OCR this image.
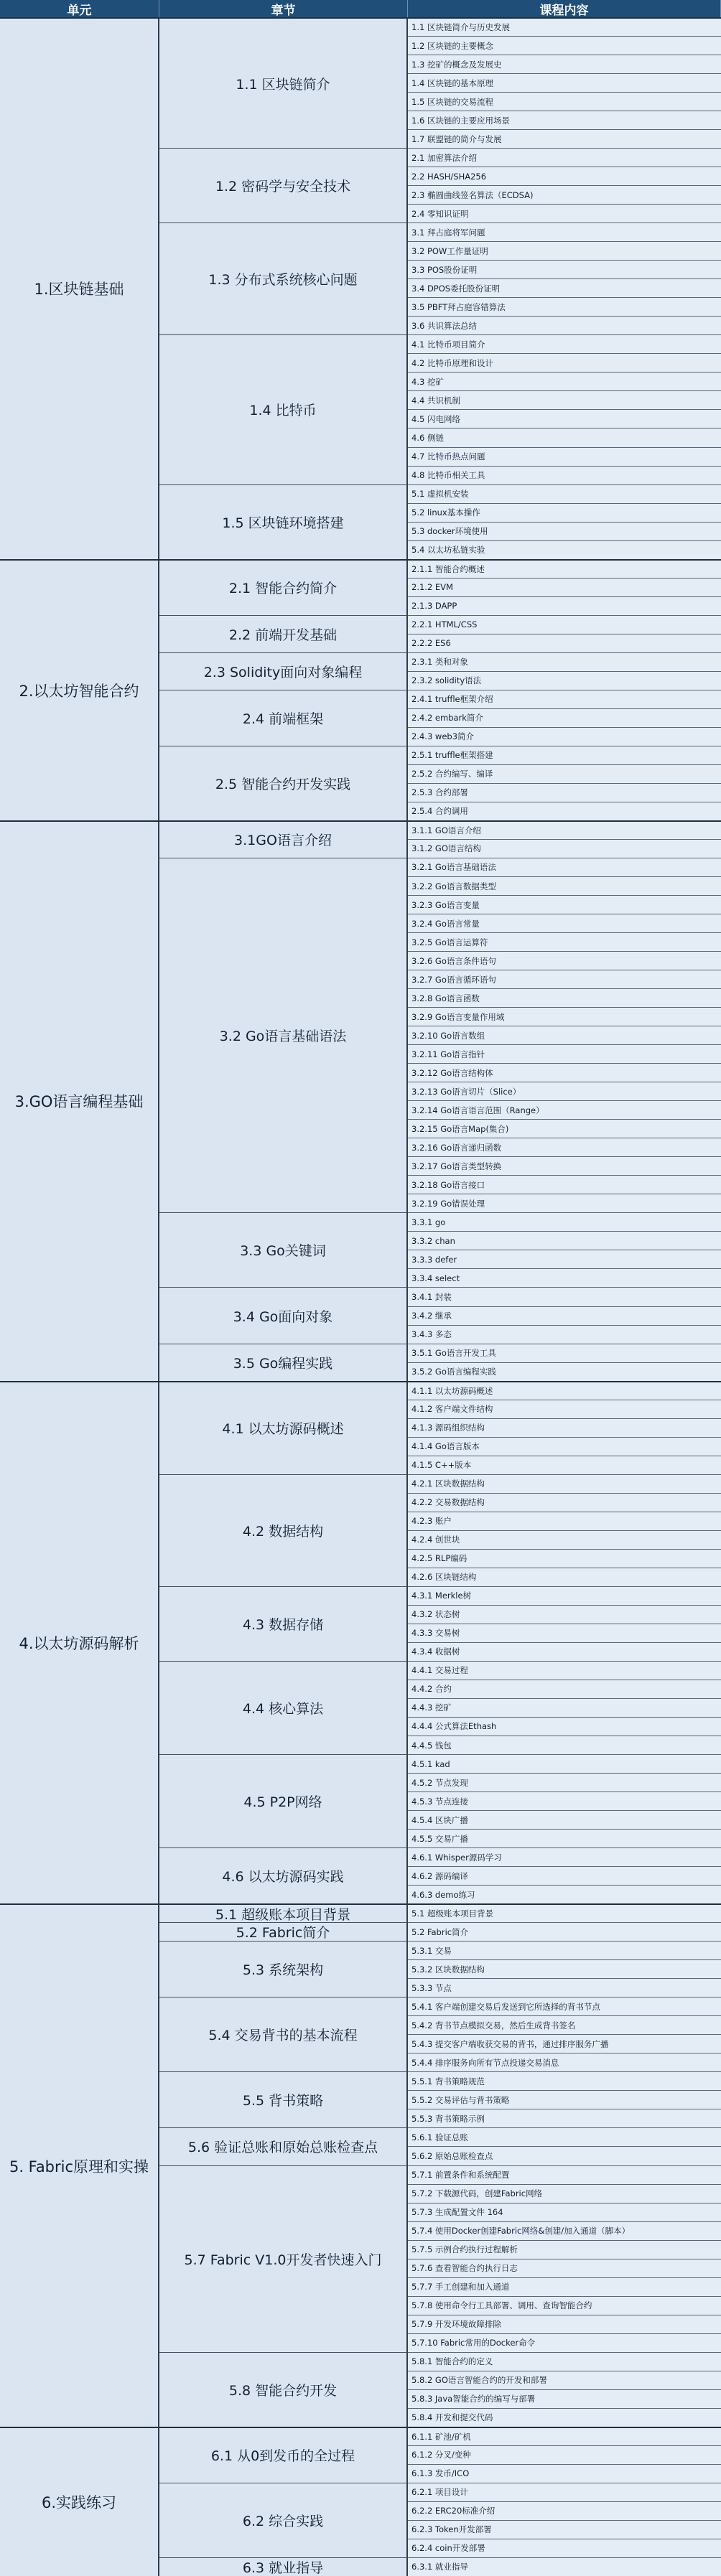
单元	章节	课程内容
1.1 区块链简介与历史发展
1.2 区块链的主要概念
1.3 挖矿的概念及发展史
1.4 区块链的基本原理
1.5 区块链的交易流程
1.6 区块链的主要应用场景
1.7 联盟链的简介与发展
1.1 区块链简介
2.1 加密算法介绍
2.2 HASH/SHA256
2.3 椭圆曲线签名算法（ECDSA)
2.4 零知识证明
1.2 密码学与安全技术
3.1 拜占庭将军问题
3.2 POW工作量证明
3.3 POS股份证明
3.4 DPOS委托股份证明
3.5 PBFT拜占庭容错算法
3.6 共识算法总结
1.3 分布式系统核心问题
4.1 比特币项目简介
4.2 比特币原理和设计
4.3 挖矿
4.4 共识机制
4.5 闪电网络
4.6 侧链
4.7 比特币热点问题
4.8 比特币相关工具
1.4 比特币
5.1 虚拟机安装
5.2 linux基本操作
5.3 docker环境使用
5.4 以太坊私链实验
1.5 区块链环境搭建
1.区块链基础
2.1.1 智能合约概述
2.1.2 EVM
2.1.3 DAPP
2.1 智能合约简介
2.2.1 HTML/CSS
2.2.2 ES6
2.2 前端开发基础
2.3.1 类和对象
2.3.2 solidity语法
2.3 Solidity面向对象编程
2.4.1 truffle框架介绍
2.4.2 embark简介
2.4.3 web3简介
2.4 前端框架
2.5.1 truffle框架搭建
2.5.2 合约编写、编译
2.5.3 合约部署
2.5.4 合约调用
2.5 智能合约开发实践
2.以太坊智能合约
3.1.1 GO语言介绍
3.1.2 GO语言结构
3.1GO语言介绍
3.2.1 Go语言基础语法
3.2.2 Go语言数据类型
3.2.3 Go语言变量
3.2.4 Go语言常量
3.2.5 Go语言运算符
3.2.6 Go语言条件语句
3.2.7 Go语言循环语句
3.2.8 Go语言函数
3.2.9 Go语言变量作用域
3.2.10 Go语言数组
3.2.11 Go语言指针
3.2.12 Go语言结构体
3.2.13 Go语言切片（Slice）
3.2.14 Go语言语言范围（Range）
3.2.15 Go语言Map(集合)
3.2.16 Go语言递归函数
3.2.17 Go语言类型转换
3.2.18 Go语言接口
3.2.19 Go错误处理
3.2 Go语言基础语法
3.3.1 go
3.3.2 chan
3.3.3 defer
3.3.4 select
3.3 Go关键词
3.4.1 封装
3.4.2 继承
3.4.3 多态
3.4 Go面向对象
3.5.1 Go语言开发工具
3.5.2 Go语言编程实践
3.5 Go编程实践
3.GO语言编程基础
4.1.1 以太坊源码概述
4.1.2 客户端文件结构
4.1.3 源码组织结构
4.1.4 Go语言版本
4.1.5 C++版本
4.1 以太坊源码概述
4.2.1 区块数据结构
4.2.2 交易数据结构
4.2.3 账户
4.2.4 创世块
4.2.5 RLP编码
4.2.6 区块链结构
4.2 数据结构
4.3.1 Merkle树
4.3.2 状态树
4.3.3 交易树
4.3.4 收据树
4.3 数据存储
4.4.1 交易过程
4.4.2 合约
4.4.3 挖矿
4.4.4 公式算法Ethash
4.4.5 钱包
4.4 核心算法
4.5.1 kad
4.5.2 节点发现
4.5.3 节点连接
4.5.4 区块广播
4.5.5 交易广播
4.5 P2P网络
4.6.1 Whisper源码学习
4.6.2 源码编译
4.6.3 demo练习
4.6 以太坊源码实践
4.以太坊源码解析
5.1 超级账本项目背景
5.1 超级账本项目背景
5.2 Fabric简介
5.2 Fabric简介
5.3.1 交易
5.3.2 区块数据结构
5.3.3 节点
5.3 系统架构
5.4.1 客户端创建交易后发送到它所选择的背书节点
5.4.2 背书节点模拟交易，然后生成背书签名
5.4.3 提交客户端收获交易的背书，通过排序服务广播
5.4.4 排序服务向所有节点投递交易消息
5.4 交易背书的基本流程
5.5.1 背书策略规范
5.5.2 交易评估与背书策略
5.5.3 背书策略示例
5.5 背书策略
5.6.1 验证总账
5.6.2 原始总账检查点
5.6 验证总账和原始总账检查点
5.7.1 前置条件和系统配置
5.7.2 下载源代码，创建Fabric网络
5.7.3 生成配置文件 164
5.7.4 使用Docker创建Fabric网络&创建/加入通道（脚本）
5.7.5 示例合约执行过程解析
5.7.6 查看智能合约执行日志
5.7.7 手工创建和加入通道
5.7.8 使用命令行工具部署、调用、查询智能合约
5.7.9 开发环境故障排除
5.7.10 Fabric常用的Docker命令
5.7 Fabric V1.0开发者快速入门
5.8.1 智能合约的定义
5.8.2 GO语言智能合约的开发和部署
5.8.3 Java智能合约的编写与部署
5.8.4 开发和提交代码
5.8 智能合约开发
5. Fabric原理和实操
6.1.1 矿池/矿机
6.1.2 分叉/变种
6.1.3 发币/ICO
6.1 从0到发币的全过程
6.2.1 项目设计
6.2.2 ERC20标准介绍
6.2.3 Token开发部署
6.2.4 coin开发部署
6.2 综合实践
6.3.1 就业指导
6.3 就业指导
6.实践练习
